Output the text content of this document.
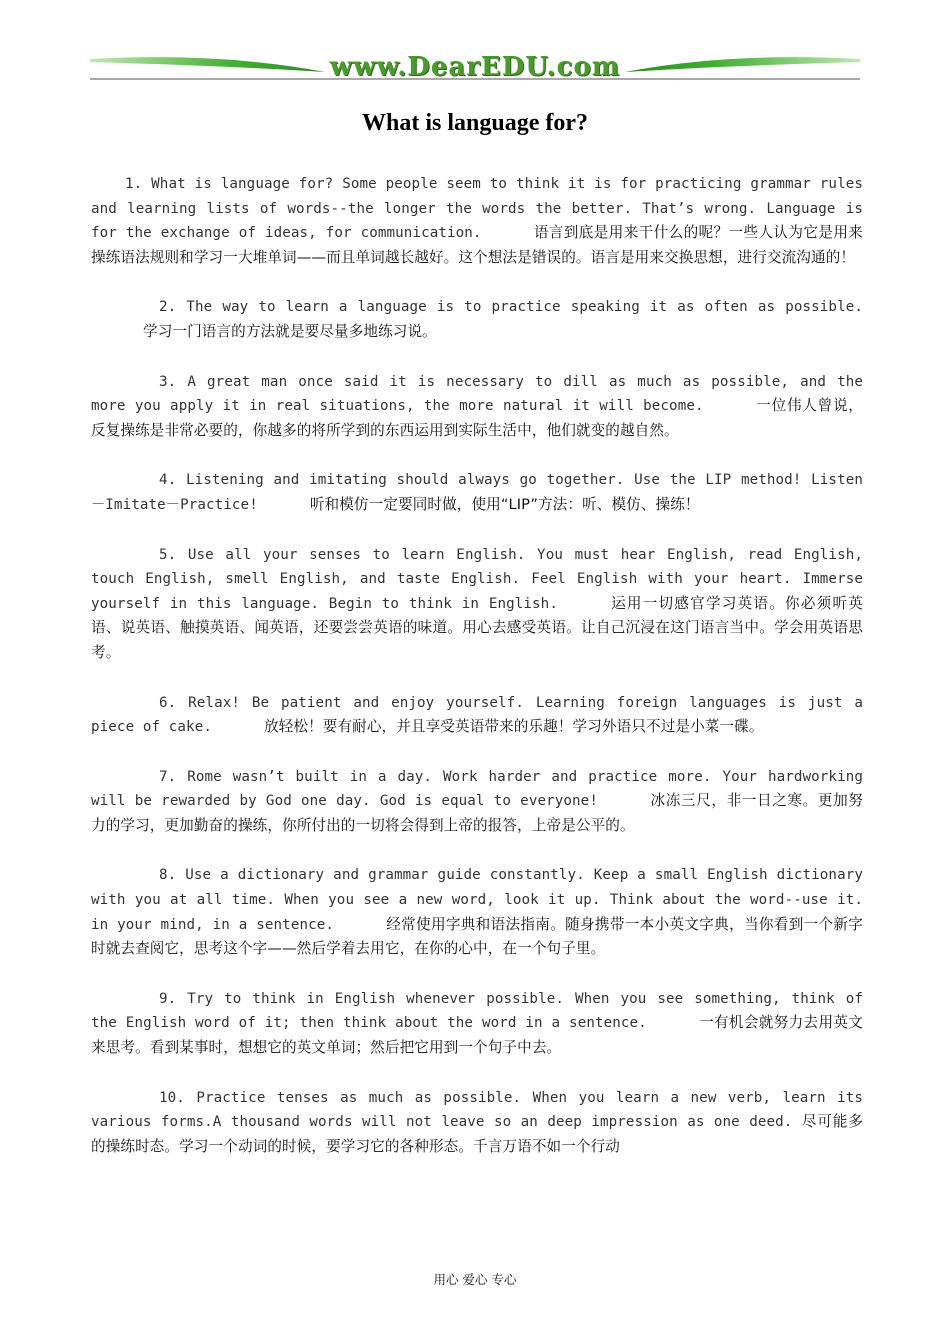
www.DearEDU.com
What is language for?

1. What is language for? Some people seem to think it is for practicing grammar rules and learning lists of words--the longer the words the better. That’s wrong. Language is for the exchange of ideas, for communication.	语言到底是用来干什么的呢？一些人认为它是用来操练语法规则和学习一大堆单词——而且单词越长越好。这个想法是错误的。语言是用来交换思想，进行交流沟通的！

2. The way to learn a language is to practice speaking it as often as possible.学习一门语言的方法就是要尽量多地练习说。

3. A great man once said it is necessary to dill as much as possible, and the more you apply it in real situations, the more natural it will become.	一位伟人曾说，反复操练是非常必要的，你越多的将所学到的东西运用到实际生活中，他们就变的越自然。

4. Listening and imitating should always go together. Use the LIP method! Listen－Imitate－Practice!	听和模仿一定要同时做，使用“LIP”方法：听、模仿、操练！

5. Use all your senses to learn English. You must hear English, read English, touch English, smell English, and taste English. Feel English with your heart. Immerse yourself in this language. Begin to think in English.	运用一切感官学习英语。你必须听英语、说英语、触摸英语、闻英语，还要尝尝英语的味道。用心去感受英语。让自己沉浸在这门语言当中。学会用英语思考。

6. Relax! Be patient and enjoy yourself. Learning foreign languages is just a piece of cake.	放轻松！要有耐心，并且享受英语带来的乐趣！学习外语只不过是小菜一碟。

7. Rome wasn’t built in a day. Work harder and practice more. Your hardworking will be rewarded by God one day. God is equal to everyone!	冰冻三尺，非一日之寒。更加努力的学习，更加勤奋的操练，你所付出的一切将会得到上帝的报答，上帝是公平的。

8. Use a dictionary and grammar guide constantly. Keep a small English dictionary with you at all time. When you see a new word, look it up. Think about the word--use it. in your mind, in a sentence.	经常使用字典和语法指南。随身携带一本小英文字典，当你看到一个新字时就去查阅它，思考这个字——然后学着去用它，在你的心中，在一个句子里。

9. Try to think in English whenever possible. When you see something, think of the English word of it; then think about the word in a sentence.	一有机会就努力去用英文来思考。看到某事时，想想它的英文单词；然后把它用到一个句子中去。

10. Practice tenses as much as possible. When you learn a new verb, learn its various forms.A thousand words will not leave so an deep impression as one deed. 尽可能多的操练时态。学习一个动词的时候，要学习它的各种形态。千言万语不如一个行动

用心 爱心 专心
